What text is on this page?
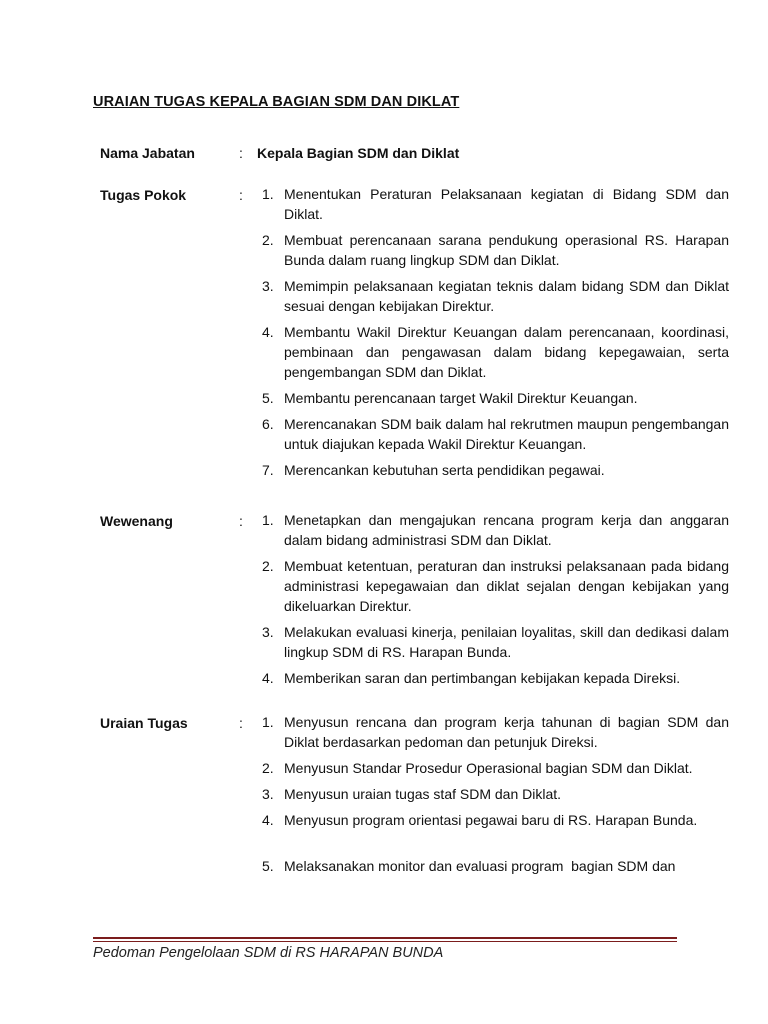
URAIAN TUGAS KEPALA BAGIAN SDM DAN DIKLAT
Nama Jabatan	: Kepala Bagian SDM dan Diklat
Tugas Pokok	: 1. Menentukan Peraturan Pelaksanaan kegiatan di Bidang SDM dan Diklat.
2. Membuat perencanaan sarana pendukung operasional RS. Harapan Bunda dalam ruang lingkup SDM dan Diklat.
3. Memimpin pelaksanaan kegiatan teknis dalam bidang SDM dan Diklat sesuai dengan kebijakan Direktur.
4. Membantu Wakil Direktur Keuangan dalam perencanaan, koordinasi, pembinaan dan pengawasan dalam bidang kepegawaian, serta pengembangan SDM dan Diklat.
5. Membantu perencanaan target Wakil Direktur Keuangan.
6. Merencanakan SDM baik dalam hal rekrutmen maupun pengembangan untuk diajukan kepada Wakil Direktur Keuangan.
7. Merencankan kebutuhan serta pendidikan pegawai.
Wewenang	: 1. Menetapkan dan mengajukan rencana program kerja dan anggaran dalam bidang administrasi SDM dan Diklat.
2. Membuat ketentuan, peraturan dan instruksi pelaksanaan pada bidang administrasi kepegawaian dan diklat sejalan dengan kebijakan yang dikeluarkan Direktur.
3. Melakukan evaluasi kinerja, penilaian loyalitas, skill dan dedikasi dalam lingkup SDM di RS. Harapan Bunda.
4. Memberikan saran dan pertimbangan kebijakan kepada Direksi.
Uraian Tugas	: 1. Menyusun rencana dan program kerja tahunan di bagian SDM dan Diklat berdasarkan pedoman dan petunjuk Direksi.
2. Menyusun Standar Prosedur Operasional bagian SDM dan Diklat.
3. Menyusun uraian tugas staf SDM dan Diklat.
4. Menyusun program orientasi pegawai baru di RS. Harapan Bunda.
5. Melaksanakan monitor dan evaluasi program  bagian SDM dan
Pedoman Pengelolaan SDM di RS HARAPAN BUNDA
